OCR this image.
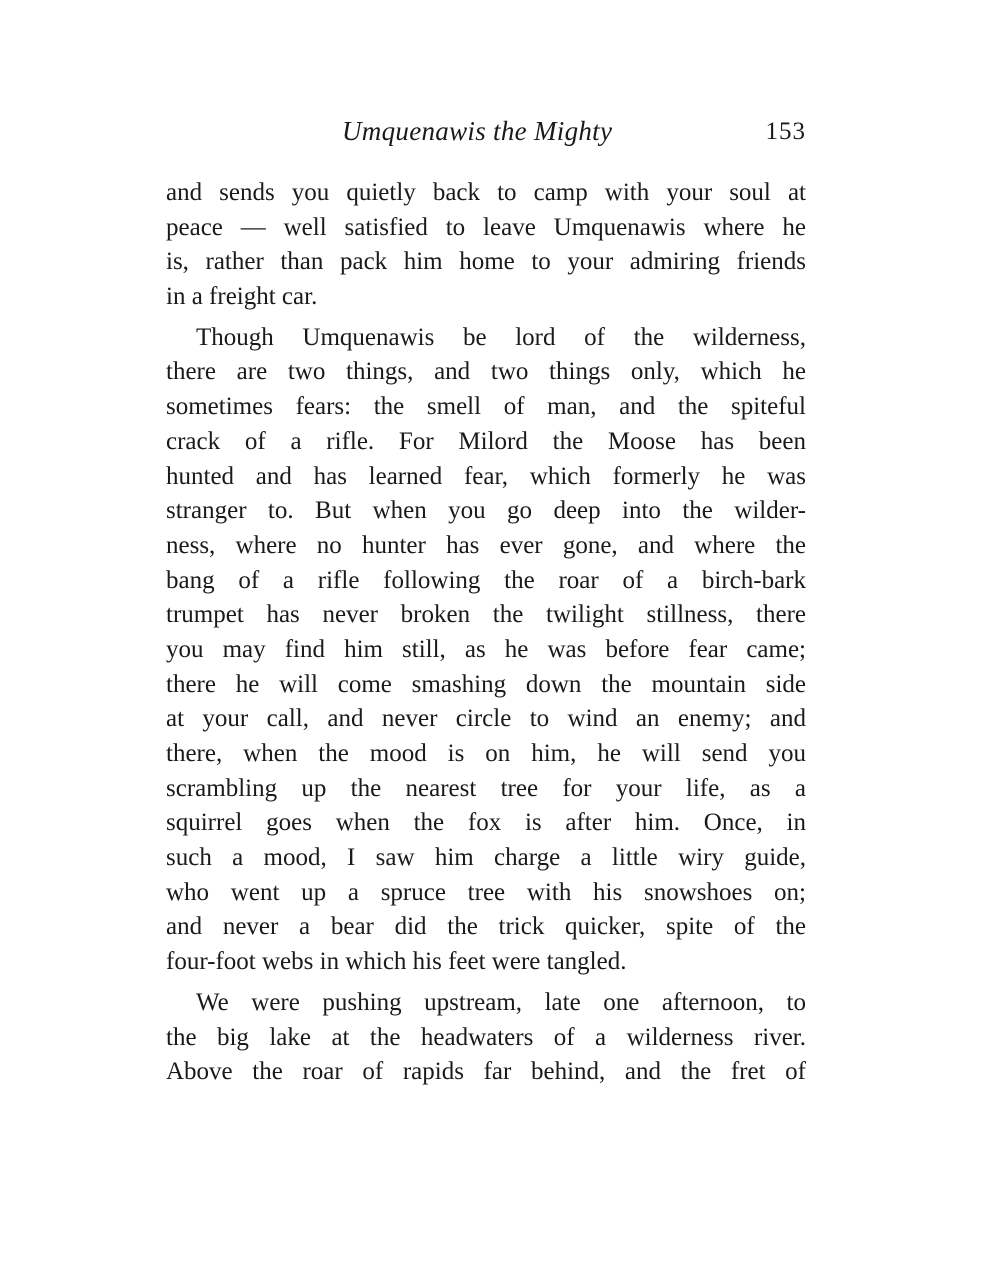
Umquenawis the Mighty	153
and sends you quietly back to camp with your soul at
peace — well satisfied to leave Umquenawis where he
is, rather than pack him home to your admiring friends
in a freight car.
Though Umquenawis be lord of the wilderness,
there are two things, and two things only, which he
sometimes fears: the smell of man, and the spiteful
crack of a rifle. For Milord the Moose has been
hunted and has learned fear, which formerly he was
stranger to. But when you go deep into the wilder-
ness, where no hunter has ever gone, and where the
bang of a rifle following the roar of a birch-bark
trumpet has never broken the twilight stillness, there
you may find him still, as he was before fear came;
there he will come smashing down the mountain side
at your call, and never circle to wind an enemy; and
there, when the mood is on him, he will send you
scrambling up the nearest tree for your life, as a
squirrel goes when the fox is after him. Once, in
such a mood, I saw him charge a little wiry guide,
who went up a spruce tree with his snowshoes on;
and never a bear did the trick quicker, spite of the
four-foot webs in which his feet were tangled.
We were pushing upstream, late one afternoon, to
the big lake at the headwaters of a wilderness river.
Above the roar of rapids far behind, and the fret of
